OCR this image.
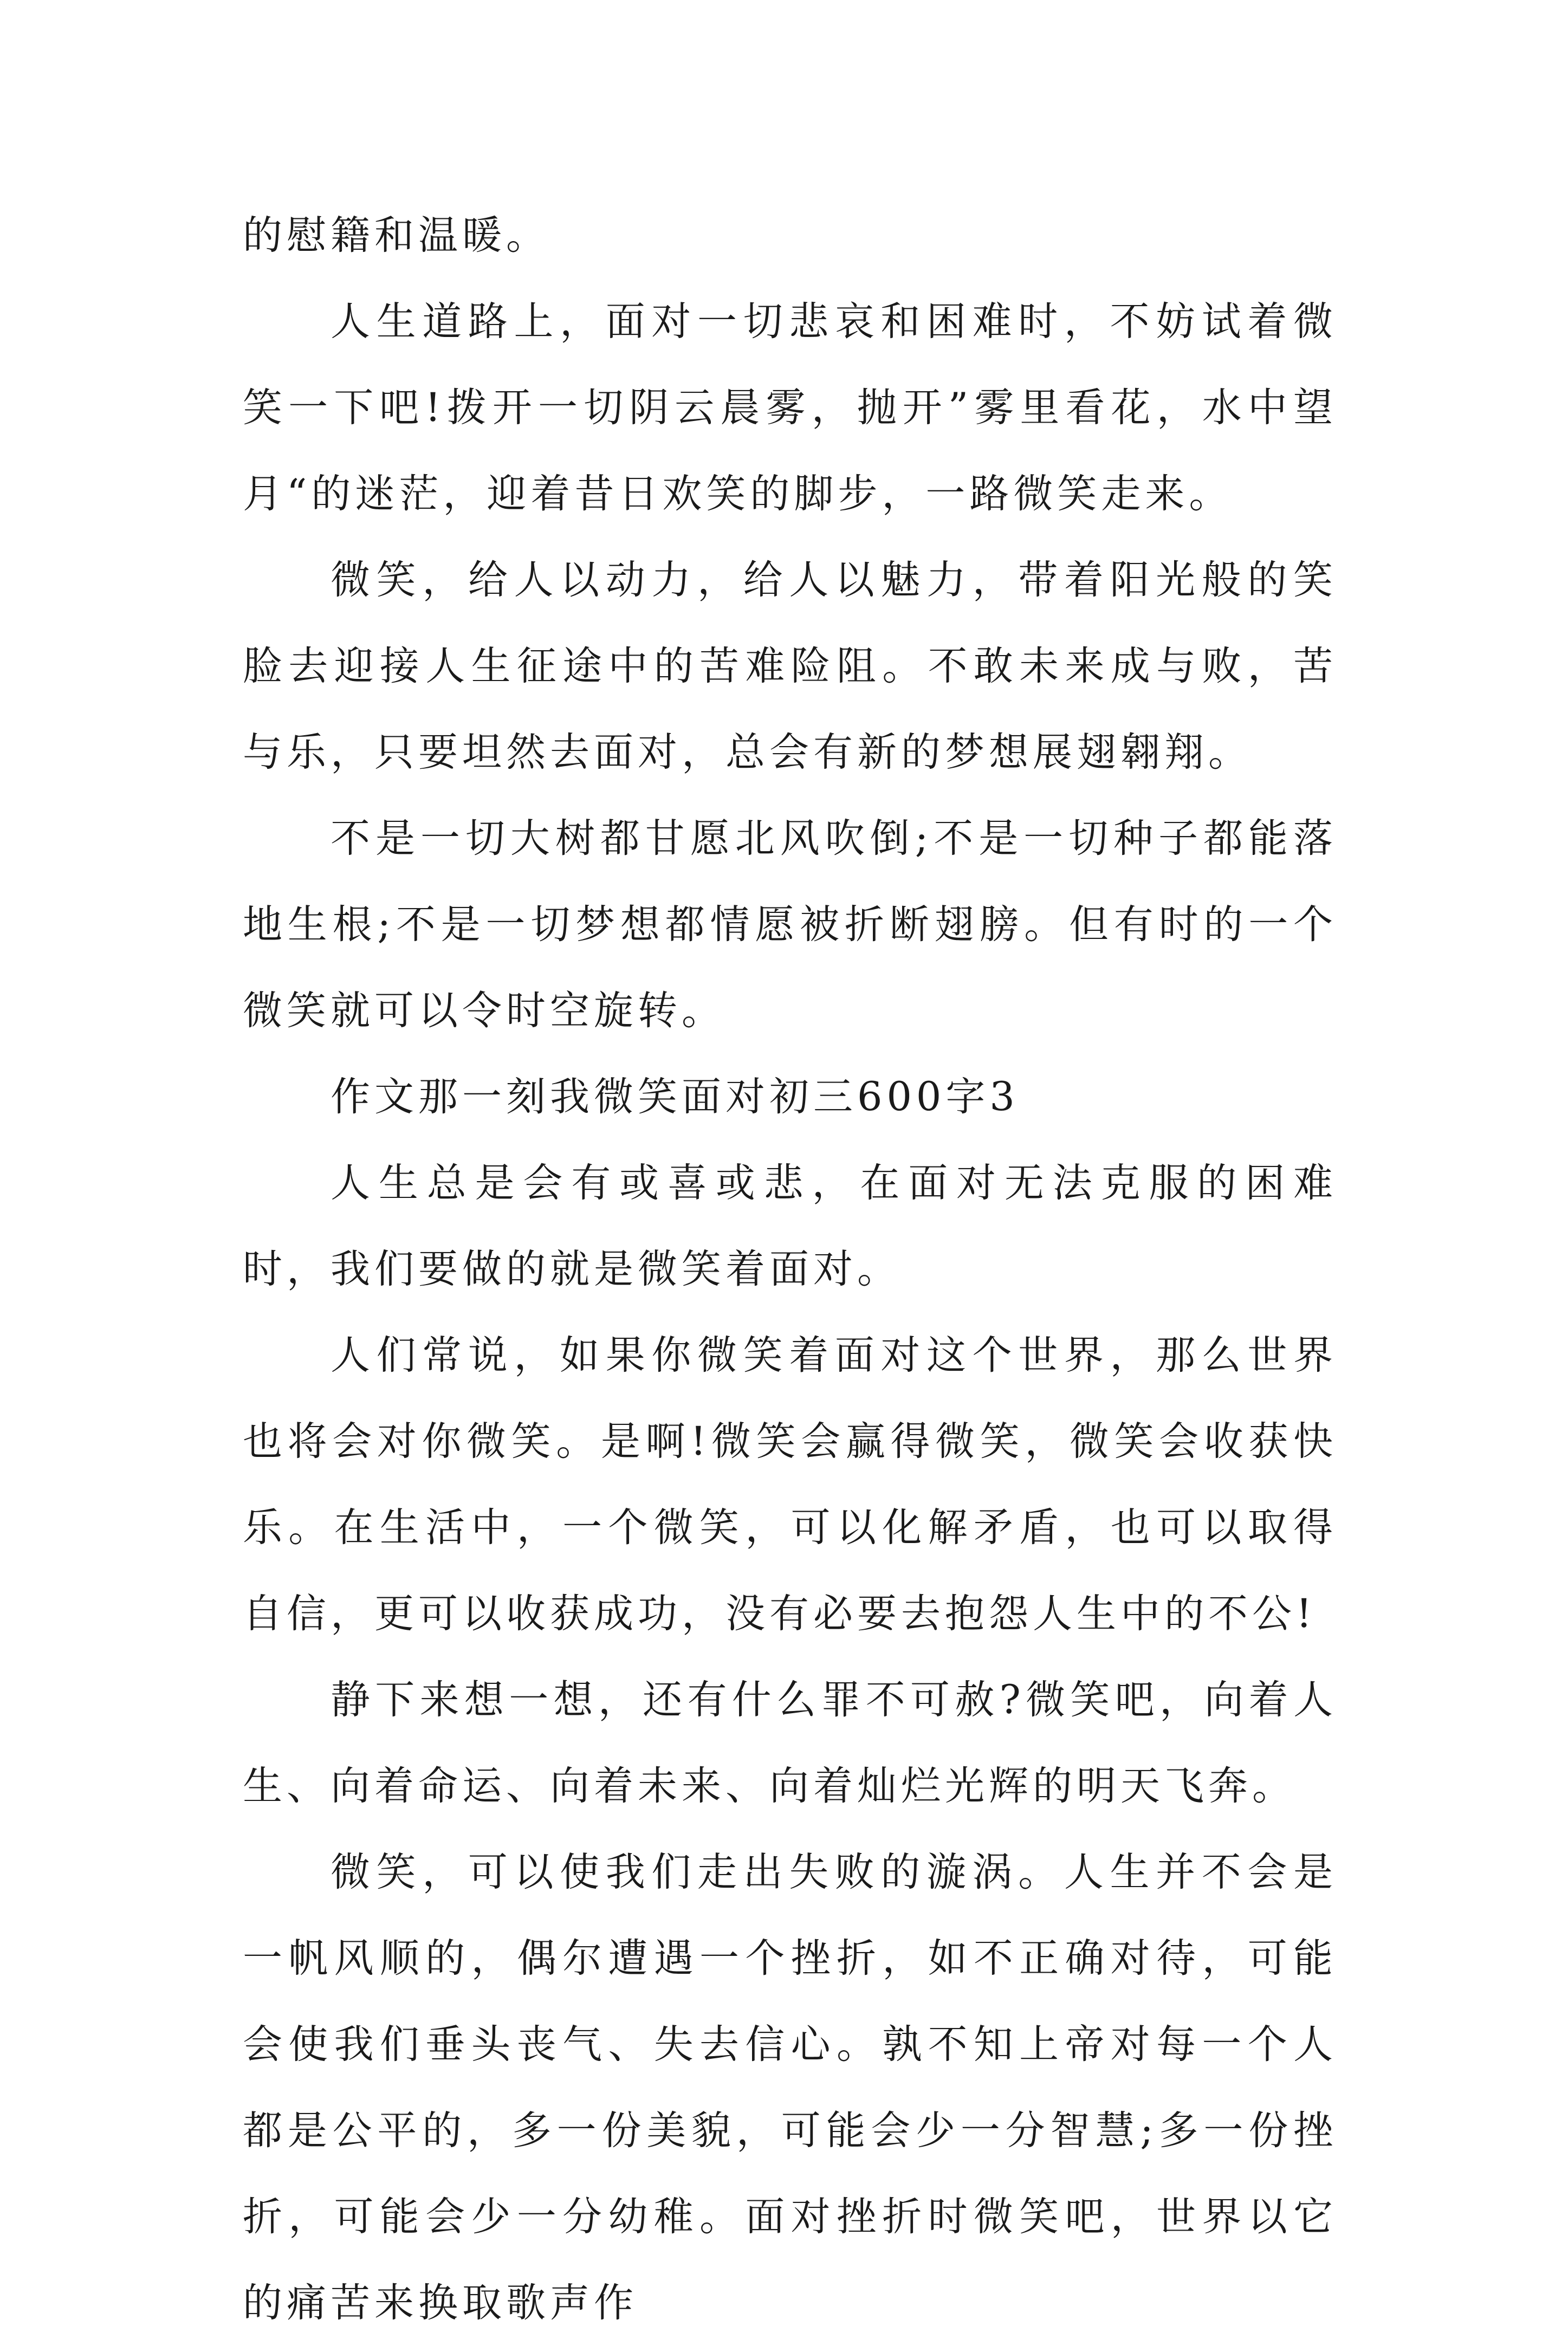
的慰籍和温暖。

人生道路上，面对一切悲哀和困难时，不妨试着微笑一下吧!拨开一切阴云晨雾，抛开”雾里看花，水中望月“的迷茫，迎着昔日欢笑的脚步，一路微笑走来。

微笑，给人以动力，给人以魅力，带着阳光般的笑脸去迎接人生征途中的苦难险阻。不敢未来成与败，苦与乐，只要坦然去面对，总会有新的梦想展翅翱翔。

不是一切大树都甘愿北风吹倒;不是一切种子都能落地生根;不是一切梦想都情愿被折断翅膀。但有时的一个微笑就可以令时空旋转。

作文那一刻我微笑面对初三600字3

人生总是会有或喜或悲，在面对无法克服的困难时，我们要做的就是微笑着面对。

人们常说，如果你微笑着面对这个世界，那么世界也将会对你微笑。是啊!微笑会赢得微笑，微笑会收获快乐。在生活中，一个微笑，可以化解矛盾，也可以取得自信，更可以收获成功，没有必要去抱怨人生中的不公!

静下来想一想，还有什么罪不可赦?微笑吧，向着人生、向着命运、向着未来、向着灿烂光辉的明天飞奔。

微笑，可以使我们走出失败的漩涡。人生并不会是一帆风顺的，偶尔遭遇一个挫折，如不正确对待，可能会使我们垂头丧气、失去信心。孰不知上帝对每一个人都是公平的，多一份美貌，可能会少一分智慧;多一份挫折，可能会少一分幼稚。面对挫折时微笑吧，世界以它的痛苦来换取歌声作
